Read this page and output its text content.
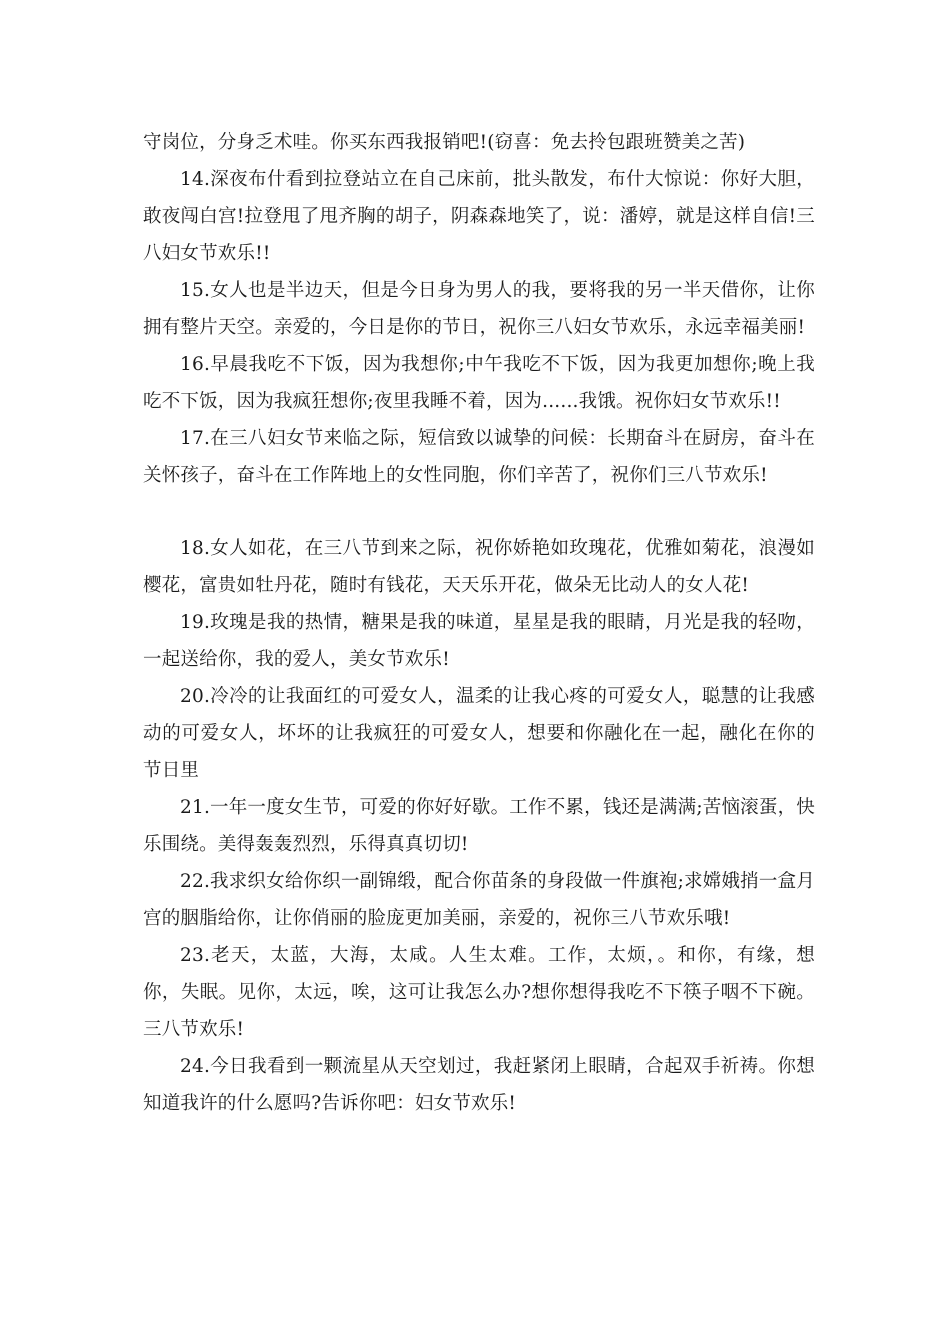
守岗位，分身乏术哇。你买东西我报销吧!(窃喜：免去拎包跟班赞美之苦)

14.深夜布什看到拉登站立在自己床前，批头散发，布什大惊说：你好大胆，敢夜闯白宫!拉登甩了甩齐胸的胡子，阴森森地笑了，说：潘婷，就是这样自信!三八妇女节欢乐!!

15.女人也是半边天，但是今日身为男人的我，要将我的另一半天借你，让你拥有整片天空。亲爱的，今日是你的节日，祝你三八妇女节欢乐，永远幸福美丽!

16.早晨我吃不下饭，因为我想你;中午我吃不下饭，因为我更加想你;晚上我吃不下饭，因为我疯狂想你;夜里我睡不着，因为......我饿。祝你妇女节欢乐!!

17.在三八妇女节来临之际，短信致以诚挚的问候：长期奋斗在厨房，奋斗在关怀孩子，奋斗在工作阵地上的女性同胞，你们辛苦了，祝你们三八节欢乐!

18.女人如花，在三八节到来之际，祝你娇艳如玫瑰花，优雅如菊花，浪漫如樱花，富贵如牡丹花，随时有钱花，天天乐开花，做朵无比动人的女人花!

19.玫瑰是我的热情，糖果是我的味道，星星是我的眼睛，月光是我的轻吻，一起送给你，我的爱人，美女节欢乐!

20.冷冷的让我面红的可爱女人，温柔的让我心疼的可爱女人，聪慧的让我感动的可爱女人，坏坏的让我疯狂的可爱女人，想要和你融化在一起，融化在你的节日里

21.一年一度女生节，可爱的你好好歇。工作不累，钱还是满满;苦恼滚蛋，快乐围绕。美得轰轰烈烈，乐得真真切切!

22.我求织女给你织一副锦缎，配合你苗条的身段做一件旗袍;求嫦娥捎一盒月宫的胭脂给你，让你俏丽的脸庞更加美丽，亲爱的，祝你三八节欢乐哦!

23.老天，太蓝，大海，太咸。人生太难。工作，太烦，。和你，有缘，想你，失眠。见你，太远，唉，这可让我怎么办?想你想得我吃不下筷子咽不下碗。三八节欢乐!

24.今日我看到一颗流星从天空划过，我赶紧闭上眼睛，合起双手祈祷。你想知道我许的什么愿吗?告诉你吧：妇女节欢乐!
